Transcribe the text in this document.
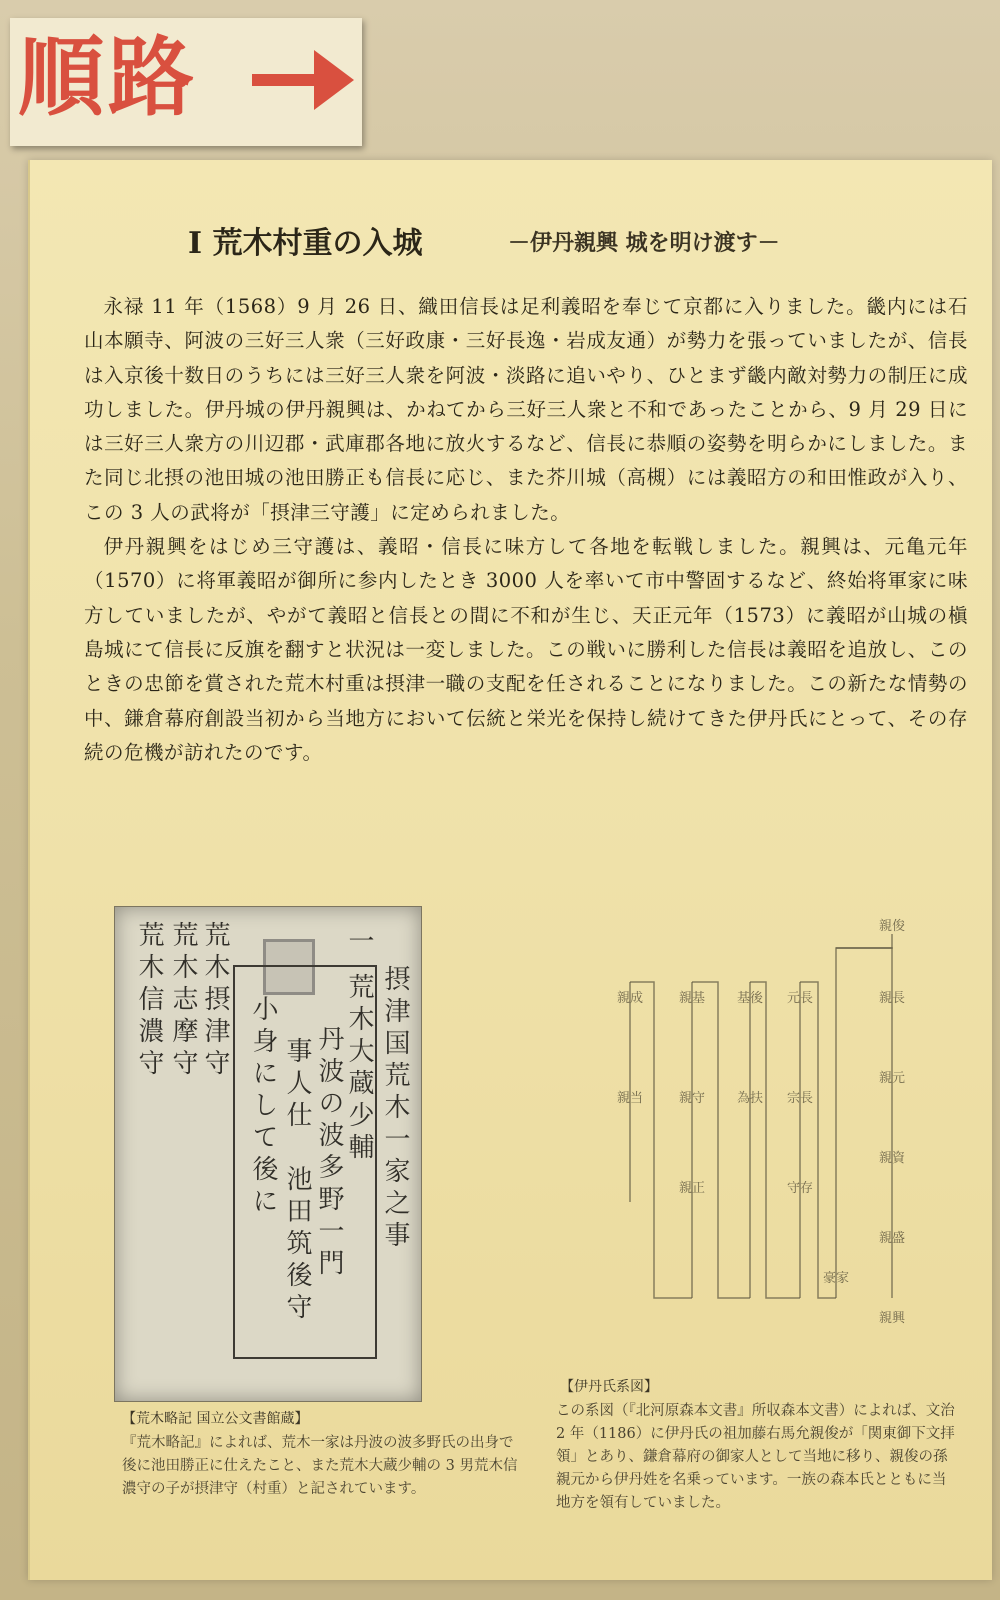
順路
I 荒木村重の入城	－伊丹親興 城を明け渡す－

永禄 11 年（1568）9 月 26 日、織田信長は足利義昭を奉じて京都に入りました。畿内には石山本願寺、阿波の三好三人衆（三好政康・三好長逸・岩成友通）が勢力を張っていましたが、信長は入京後十数日のうちには三好三人衆を阿波・淡路に追いやり、ひとまず畿内敵対勢力の制圧に成功しました。伊丹城の伊丹親興は、かねてから三好三人衆と不和であったことから、9 月 29 日には三好三人衆方の川辺郡・武庫郡各地に放火するなど、信長に恭順の姿勢を明らかにしました。また同じ北摂の池田城の池田勝正も信長に応じ、また芥川城（高槻）には義昭方の和田惟政が入り、この 3 人の武将が「摂津三守護」に定められました。

伊丹親興をはじめ三守護は、義昭・信長に味方して各地を転戦しました。親興は、元亀元年（1570）に将軍義昭が御所に参内したとき 3000 人を率いて市中警固するなど、終始将軍家に味方していましたが、やがて義昭と信長との間に不和が生じ、天正元年（1573）に義昭が山城の槇島城にて信長に反旗を翻すと状況は一変しました。この戦いに勝利した信長は義昭を追放し、このときの忠節を賞された荒木村重は摂津一職の支配を任されることになりました。この新たな情勢の中、鎌倉幕府創設当初から当地方において伝統と栄光を保持し続けてきた伊丹氏にとって、その存続の危機が訪れたのです。

摂津国荒木一家之事
一 荒木大蔵少輔
丹波の波多野一門
事人仕　池田筑後守
小身にして後に
荒木摂津守
荒木志摩守
荒木信濃守
【荒木略記 国立公文書館蔵】
『荒木略記』によれば、荒木一家は丹波の波多野氏の出身で後に池田勝正に仕えたこと、また荒木大蔵少輔の 3 男荒木信濃守の子が摂津守（村重）と記されています。
親俊
親長
親元
親資
親盛
親成
親当
親基
親守
親正
基後
為扶
元長
宗長
守存
豪家
親興
【伊丹氏系図】
この系図（『北河原森本文書』所収森本文書）によれば、文治 2 年（1186）に伊丹氏の祖加藤右馬允親俊が「関東御下文拝領」とあり、鎌倉幕府の御家人として当地に移り、親俊の孫親元から伊丹姓を名乗っています。一族の森本氏とともに当地方を領有していました。
